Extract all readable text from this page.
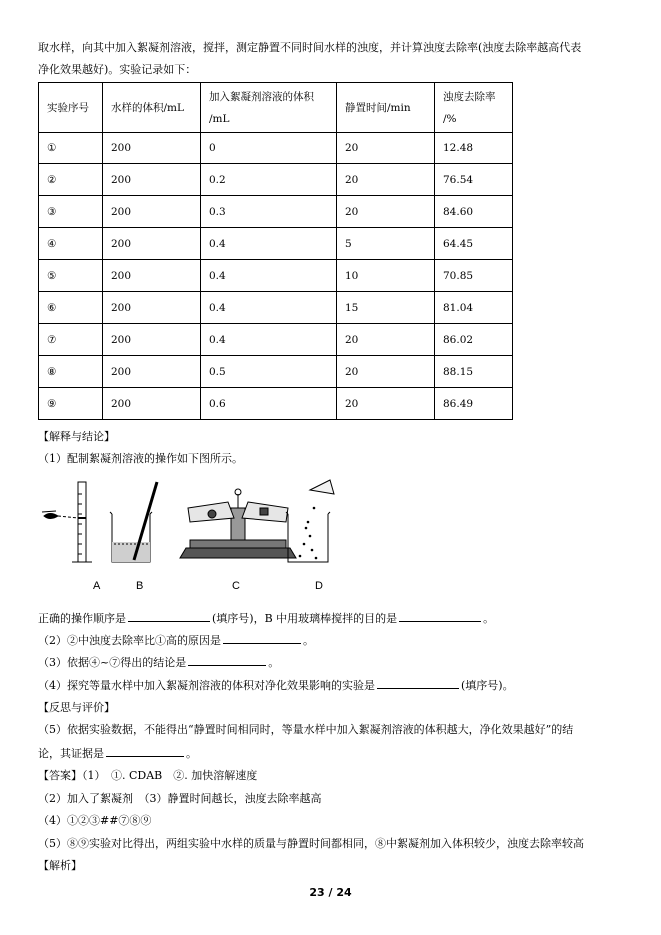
取水样，向其中加入絮凝剂溶液，搅拌，测定静置不同时间水样的浊度，并计算浊度去除率(浊度去除率越高代表
净化效果越好)。实验记录如下：
实验序号	水样的体积/mL	加入絮凝剂溶液的体积
/mL	静置时间/min	浊度去除率
/%
①	200	0	20	12.48
②	200	0.2	20	76.54
③	200	0.3	20	84.60
④	200	0.4	5	64.45
⑤	200	0.4	10	70.85
⑥	200	0.4	15	81.04
⑦	200	0.4	20	86.02
⑧	200	0.5	20	88.15
⑨	200	0.6	20	86.49
【解释与结论】
（1）配制絮凝剂溶液的操作如下图所示。
A	B	C	D
正确的操作顺序是	(填序号)，B 中用玻璃棒搅拌的目的是	。
（2）②中浊度去除率比①高的原因是	。
（3）依据④~⑦得出的结论是	。
（4）探究等量水样中加入絮凝剂溶液的体积对净化效果影响的实验是	(填序号)。
【反思与评价】
（5）依据实验数据，不能得出“静置时间相同时，等量水样中加入絮凝剂溶液的体积越大，净化效果越好”的结
论，其证据是	。
【答案】（1）　①. CDAB　②. 加快溶解速度
（2）加入了絮凝剂　（3）静置时间越长，浊度去除率越高
（4）①②③##⑦⑧⑨
（5）⑧⑨实验对比得出，两组实验中水样的质量与静置时间都相同，⑧中絮凝剂加入体积较少，浊度去除率较高
【解析】
23 / 24
